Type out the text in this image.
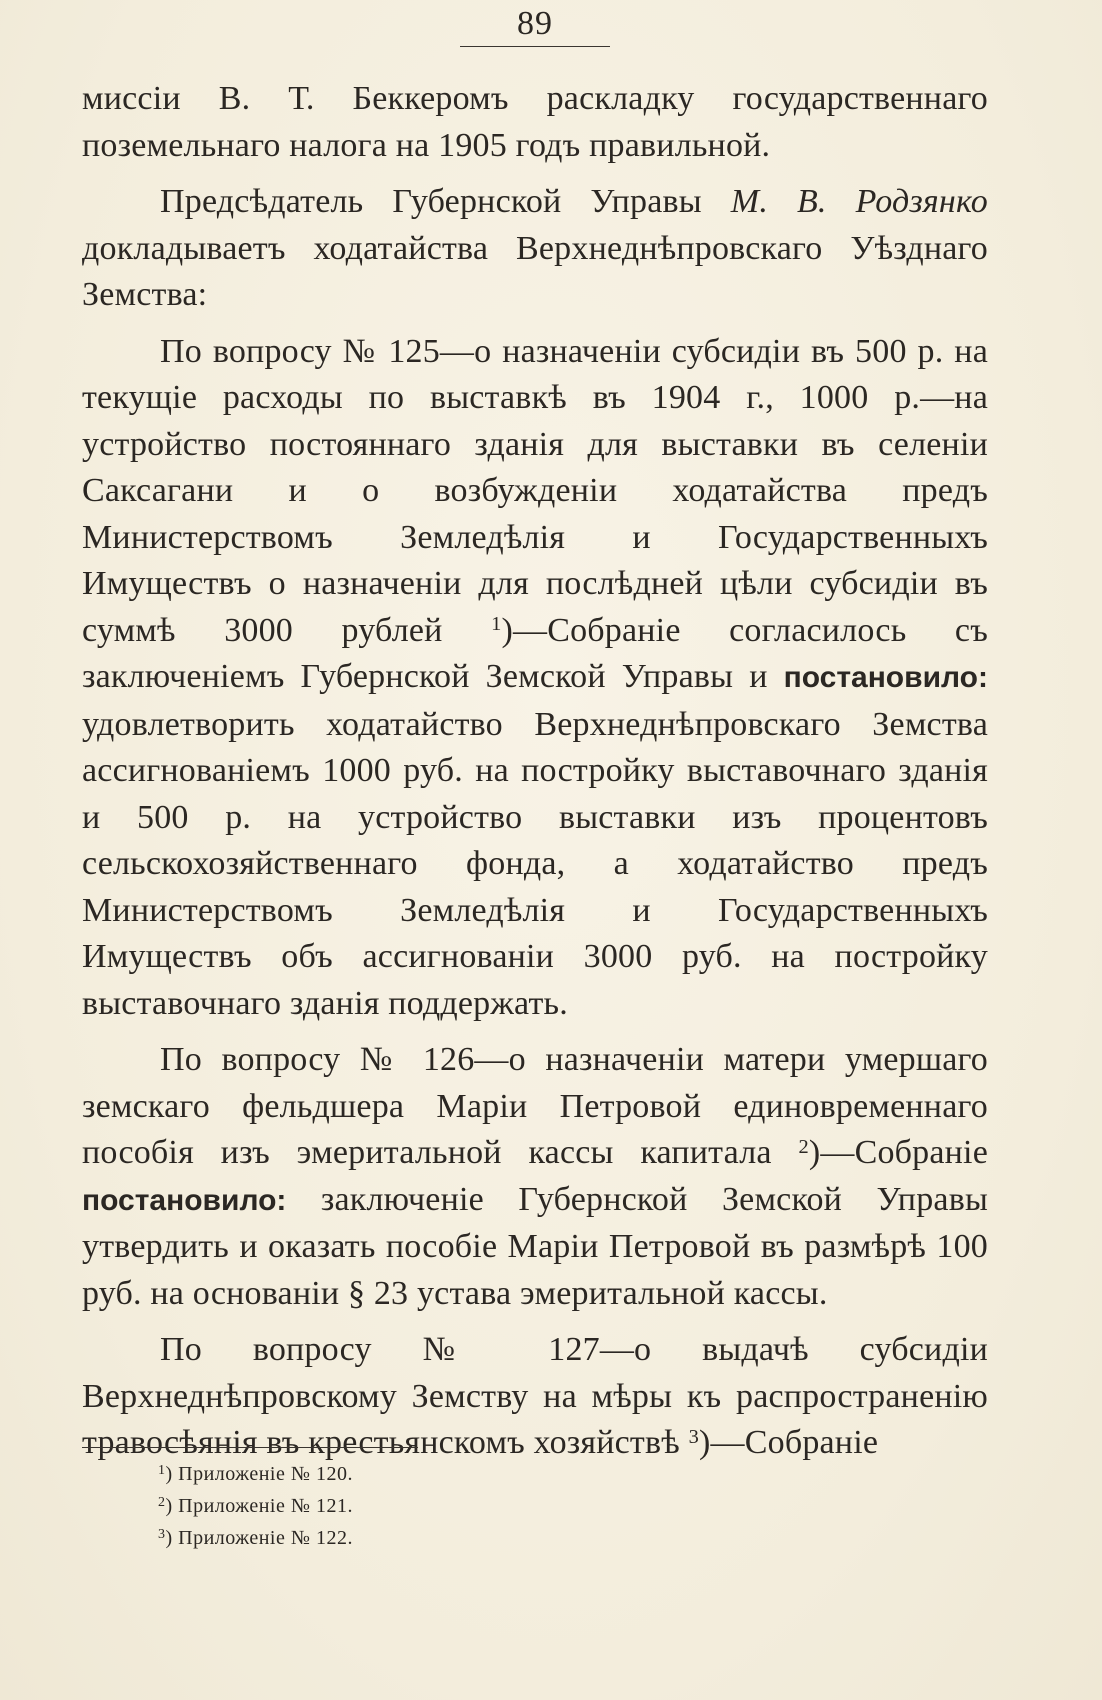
89

миссіи В. Т. Беккеромъ раскладку государственнаго поземельнаго налога на 1905 годъ правильной.

Предсѣдатель Губернской Управы М. В. Родзянко докладываетъ ходатайства Верхнеднѣпровскаго Уѣзднаго Земства:

По вопросу № 125—о назначеніи субсидіи въ 500 р. на текущіе расходы по выставкѣ въ 1904 г., 1000 р.—на устройство постояннаго зданія для выставки въ селеніи Саксагани и о возбужденіи ходатайства предъ Министерствомъ Земледѣлія и Государственныхъ Имуществъ о назначеніи для послѣдней цѣли субсидіи въ суммѣ 3000 рублей $^1$)—Собраніе согласилось съ заключеніемъ Губернской Земской Управы и постановило: удовлетворить ходатайство Верхнеднѣпровскаго Земства ассигнованіемъ 1000 руб. на постройку выставочнаго зданія и 500 р. на устройство выставки изъ процентовъ сельскохозяйственнаго фонда, а ходатайство предъ Министерствомъ Земледѣлія и Государственныхъ Имуществъ объ ассигнованіи 3000 руб. на постройку выставочнаго зданія поддержать.

По вопросу № 126—о назначеніи матери умершаго земскаго фельдшера Маріи Петровой единовременнаго пособія изъ эмеритальной кассы капитала $^2$)—Собраніе постановило: заключеніе Губернской Земской Управы утвердить и оказать пособіе Маріи Петровой въ размѣрѣ 100 руб. на основаніи § 23 устава эмеритальной кассы.

По вопросу № 127—о выдачѣ субсидіи Верхнеднѣпровскому Земству на мѣры къ распространенію травосѣянія въ крестьянскомъ хозяйствѣ $^3$)—Собраніе

$^1$) Приложеніе № 120.
$^2$) Приложеніе № 121.
$^3$) Приложеніе № 122.
